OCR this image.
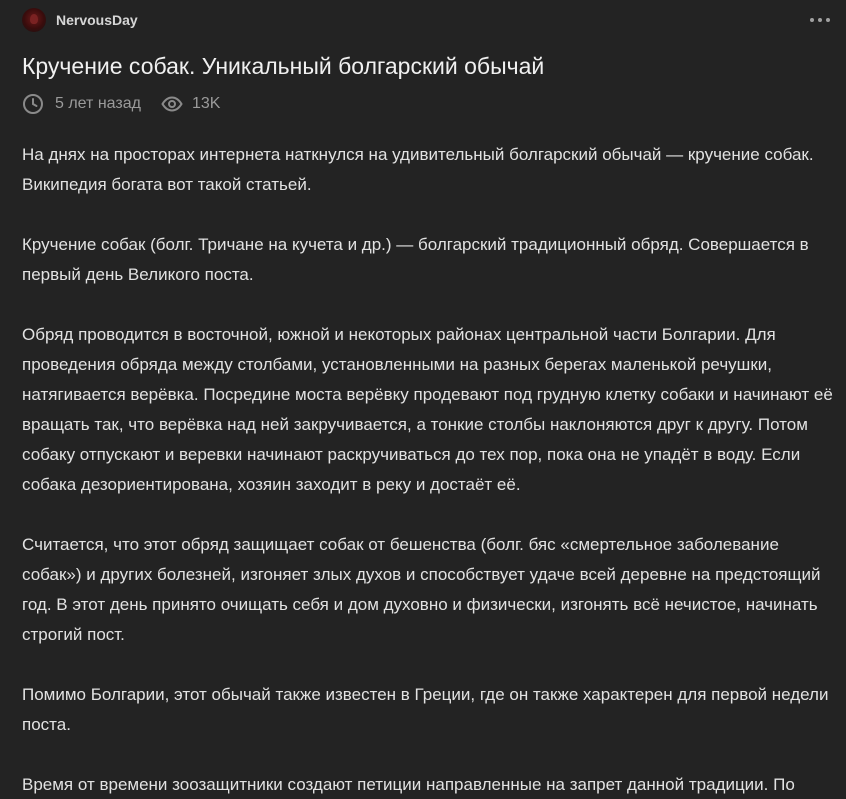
NervousDay
Кручение собак. Уникальный болгарский обычай
5 лет назад	13K

На днях на просторах интернета наткнулся на удивительный болгарский обычай — кручение собак. Википедия богата вот такой статьей.

Кручение собак (болг. Тричане на кучета и др.) — болгарский традиционный обряд. Совершается в первый день Великого поста.

Обряд проводится в восточной, южной и некоторых районах центральной части Болгарии. Для проведения обряда между столбами, установленными на разных берегах маленькой речушки, натягивается верёвка. Посредине моста верёвку продевают под грудную клетку собаки и начинают её вращать так, что верёвка над ней закручивается, а тонкие столбы наклоняются друг к другу. Потом собаку отпускают и веревки начинают раскручиваться до тех пор, пока она не упадёт в воду. Если собака дезориентирована, хозяин заходит в реку и достаёт её.

Считается, что этот обряд защищает собак от бешенства (болг. бяс «смертельное заболевание собак») и других болезней, изгоняет злых духов и способствует удаче всей деревне на предстоящий год. В этот день принято очищать себя и дом духовно и физически, изгонять всё нечистое, начинать строгий пост.

Помимо Болгарии, этот обычай также известен в Греции, где он также характерен для первой недели поста.

Время от времени зоозащитники создают петиции направленные на запрет данной традиции. По
